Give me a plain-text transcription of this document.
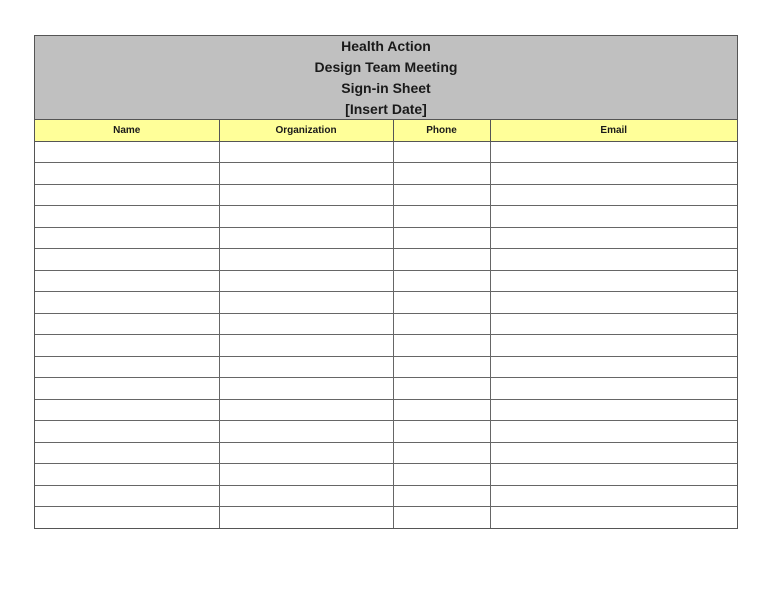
Health Action
Design Team Meeting
Sign-in Sheet
[Insert Date]
Name	Organization	Phone	Email
